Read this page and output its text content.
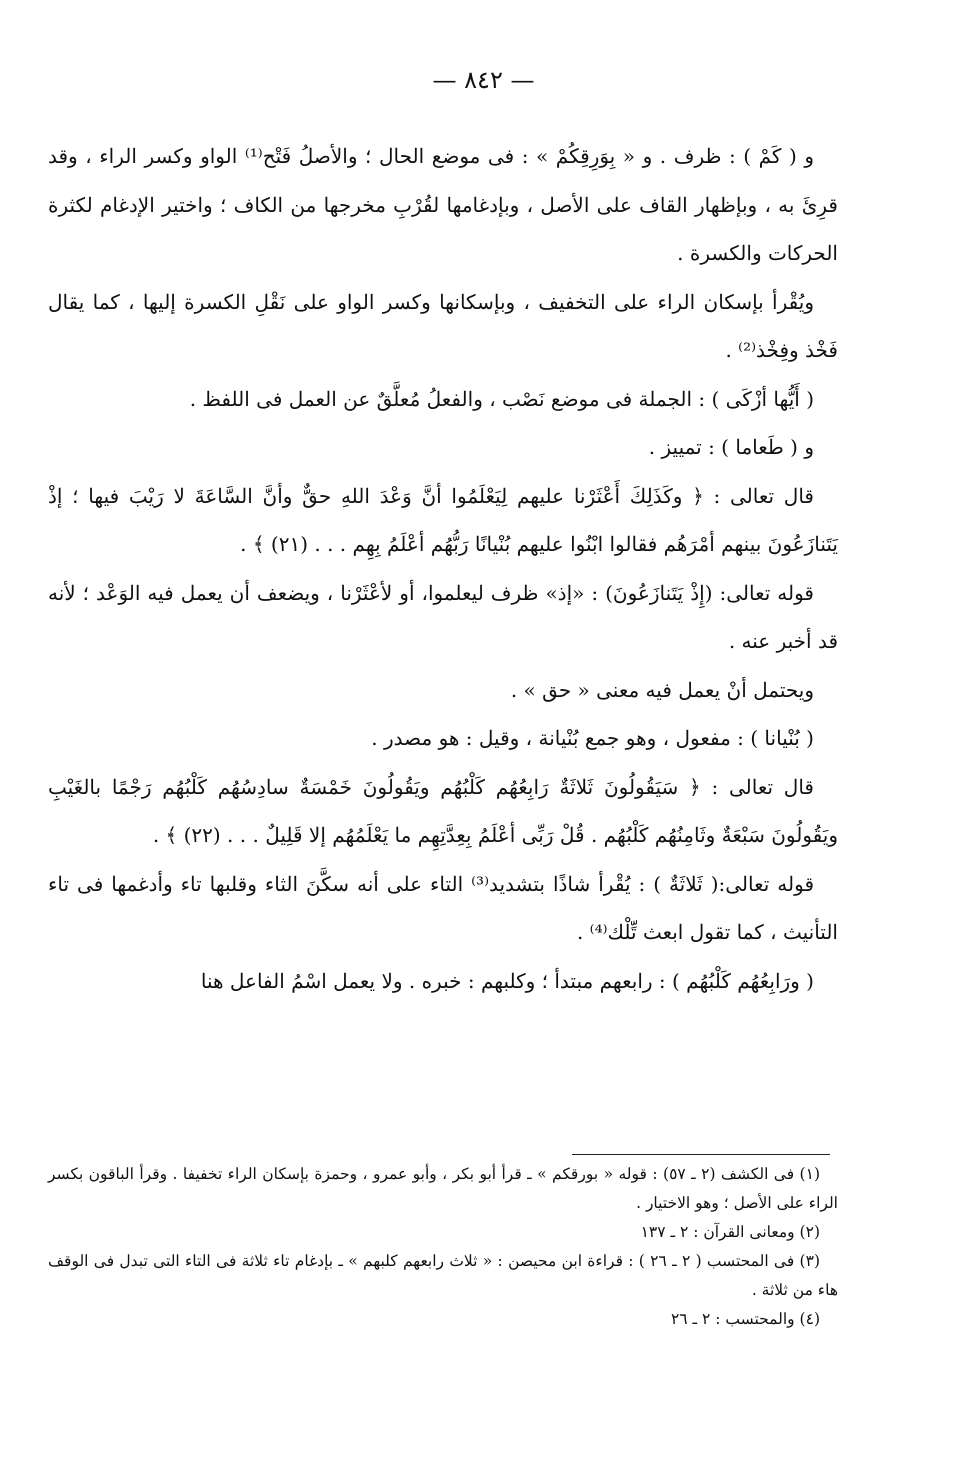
— ٨٤٢ —

و ( كَمْ ) : ظرف . و « بِوَرِقِكُمْ » : فى موضع الحال ؛ والأصلُ فَتْح⁽¹⁾ الواو وكسر الراء ، وقد قرِئَ به ، وبإظهار القاف على الأصل ، وبإدغامها لقُرْبِ مخرجها من الكاف ؛ واختير الإدغام لكثرة الحركات والكسرة .

ويُقْرأ بإسكان الراء على التخفيف ، وبإسكانها وكسر الواو على نَقْلِ الكسرة إليها ، كما يقال فَخْذ وفِخْذ⁽²⁾ .

( أَيُّها أزْكَى ) : الجملة فى موضع نَصْب ، والفعلُ مُعلَّقٌ عن العمل فى اللفظ .

و ( طَعاما ) : تمييز .

قال تعالى : ﴿ وكَذَلِكَ أَعْثَرْنا عليهم لِيَعْلَمُوا أنَّ وَعْدَ اللهِ حقٌّ وأنَّ السَّاعَةَ لا رَيْبَ فيها ؛ إذْ يَتَنازَعُونَ بينهم أمْرَهُم فقالوا ابْنُوا عليهم بُنْيانًا رَبُّهُم أعْلَمُ بِهِم . . . (٢١) ﴾ .

قوله تعالى: (إِذْ يَتَنازَعُونَ) : «إذ» ظرف ليعلموا، أو لأعْثَرْنا ، ويضعف أن يعمل فيه الوَعْد ؛ لأنه قد أخبر عنه .

ويحتمل أنْ يعمل فيه معنى « حق » .

( بُنْيانا ) : مفعول ، وهو جمع بُنْيانة ، وقيل : هو مصدر .

قال تعالى : ﴿ سَيَقُولُونَ ثَلاثَةٌ رَابِعُهُم كَلْبُهُم ويَقُولُونَ خَمْسَةٌ سادِسُهُم كَلْبُهُم رَجْمًا بالغَيْبِ ويَقُولُونَ سَبْعَةٌ وثَامِنُهُم كَلْبُهُم . قُلْ رَبِّى أعْلَمُ بِعِدَّتِهِم ما يَعْلَمُهُم إلا قَلِيلٌ . . . (٢٢) ﴾ .

قوله تعالى:( ثَلاثَةٌ ) : يُقْرأ شاذًا بتشديد⁽³⁾ التاء على أنه سكَّنَ الثاء وقلبها تاء وأدغمها فى تاء التأنيث ، كما تقول ابعث تِّلْك⁽⁴⁾ .

( ورَابِعُهُم كَلْبُهُم ) : رابعهم مبتدأ ؛ وكلبهم : خبره . ولا يعمل اسْمُ الفاعل هنا

(١) فى الكشف (٢ ـ ٥٧) : قوله « بورقكم » ـ قرأ أبو بكر ، وأبو عمرو ، وحمزة بإسكان الراء تخفيفا . وقرأ الباقون بكسر الراء على الأصل ؛ وهو الاختيار .

(٢) ومعانى القرآن : ٢ ـ ١٣٧

(٣) فى المحتسب ( ٢ ـ ٢٦ ) : قراءة ابن محيصن : « ثلاث رابعهم كلبهم » ـ بإدغام تاء ثلاثة فى التاء التى تبدل فى الوقف هاء من ثلاثة .

(٤) والمحتسب : ٢ ـ ٢٦
